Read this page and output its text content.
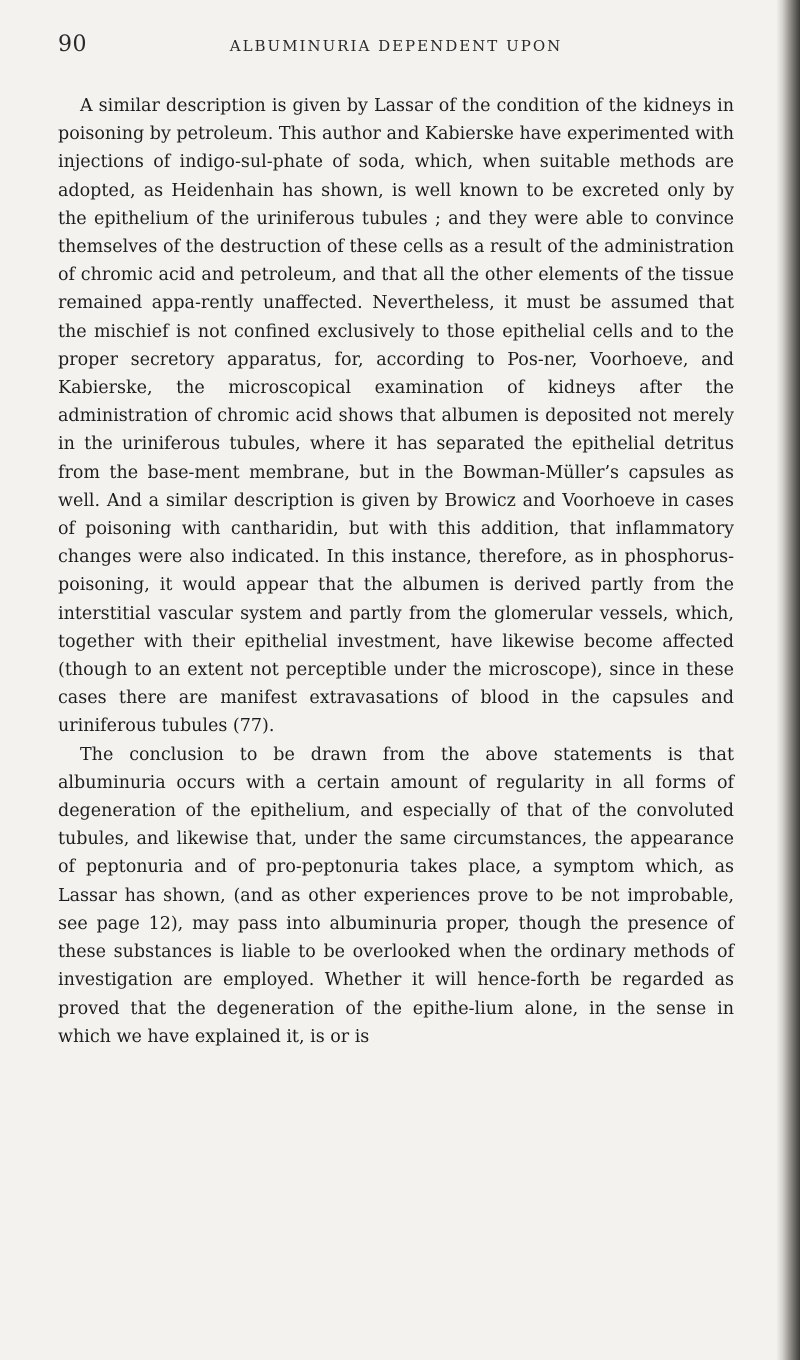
90	ALBUMINURIA DEPENDENT UPON

A similar description is given by Lassar of the condition of the kidneys in poisoning by petroleum. This author and Kabierske have experimented with injections of indigo-sul-phate of soda, which, when suitable methods are adopted, as Heidenhain has shown, is well known to be excreted only by the epithelium of the uriniferous tubules ; and they were able to convince themselves of the destruction of these cells as a result of the administration of chromic acid and petroleum, and that all the other elements of the tissue remained appa-rently unaffected. Nevertheless, it must be assumed that the mischief is not confined exclusively to those epithelial cells and to the proper secretory apparatus, for, according to Pos-ner, Voorhoeve, and Kabierske, the microscopical examination of kidneys after the administration of chromic acid shows that albumen is deposited not merely in the uriniferous tubules, where it has separated the epithelial detritus from the base-ment membrane, but in the Bowman-Müller’s capsules as well. And a similar description is given by Browicz and Voorhoeve in cases of poisoning with cantharidin, but with this addition, that inflammatory changes were also indicated. In this instance, therefore, as in phosphorus-poisoning, it would appear that the albumen is derived partly from the interstitial vascular system and partly from the glomerular vessels, which, together with their epithelial investment, have likewise become affected (though to an extent not perceptible under the microscope), since in these cases there are manifest extravasations of blood in the capsules and uriniferous tubules (77).

The conclusion to be drawn from the above statements is that albuminuria occurs with a certain amount of regularity in all forms of degeneration of the epithelium, and especially of that of the convoluted tubules, and likewise that, under the same circumstances, the appearance of peptonuria and of pro-peptonuria takes place, a symptom which, as Lassar has shown, (and as other experiences prove to be not improbable, see page 12), may pass into albuminuria proper, though the presence of these substances is liable to be overlooked when the ordinary methods of investigation are employed. Whether it will hence-forth be regarded as proved that the degeneration of the epithe-lium alone, in the sense in which we have explained it, is or is
